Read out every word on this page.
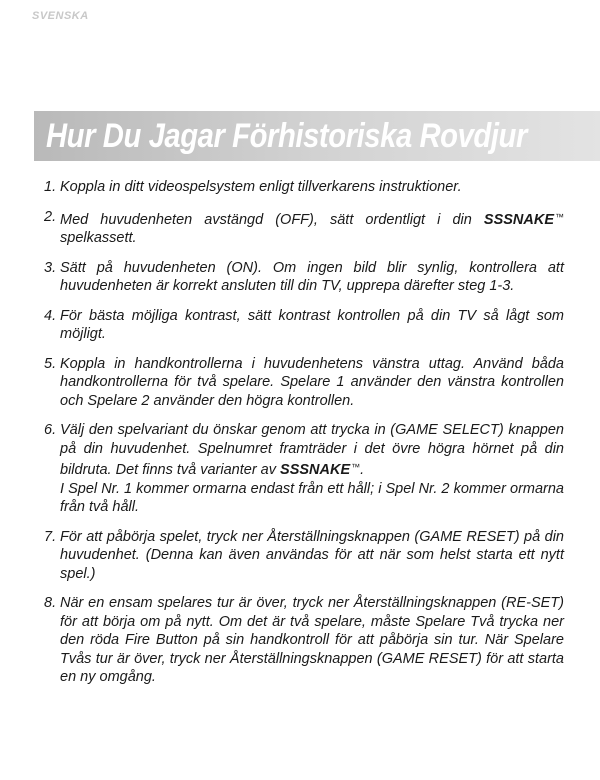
SVENSKA
Hur Du Jagar Förhistoriska Rovdjur
1. Koppla in ditt videospelsystem enligt tillverkarens instruktioner.
2. Med huvudenheten avstängd (OFF), sätt ordentligt i din SSSNAKE™ spelkassett.
3. Sätt på huvudenheten (ON). Om ingen bild blir synlig, kontrollera att huvudenheten är korrekt ansluten till din TV, upprepa därefter steg 1-3.
4. För bästa möjliga kontrast, sätt kontrast kontrollen på din TV så lågt som möjligt.
5. Koppla in handkontrollerna i huvudenhetens vänstra uttag. Använd båda handkontrollerna för två spelare. Spelare 1 använder den vänstra kontrollen och Spelare 2 använder den högra kontrollen.
6. Välj den spelvariant du önskar genom att trycka in (GAME SELECT) knappen på din huvudenhet. Spelnumret framträder i det övre högra hörnet på din bildruta. Det finns två varianter av SSSNAKE™.

I Spel Nr. 1 kommer ormarna endast från ett håll; i Spel Nr. 2 kommer ormarna från två håll.

7. För att påbörja spelet, tryck ner Återställningsknappen (GAME RESET) på din huvudenhet. (Denna kan även användas för att när som helst starta ett nytt spel.)
8. När en ensam spelares tur är över, tryck ner Återställningsknappen (RE-SET) för att börja om på nytt. Om det är två spelare, måste Spelare Två trycka ner den röda Fire Button på sin handkontroll för att påbörja sin tur. När Spelare Tvås tur är över, tryck ner Återställningsknappen (GAME RESET) för att starta en ny omgång.
